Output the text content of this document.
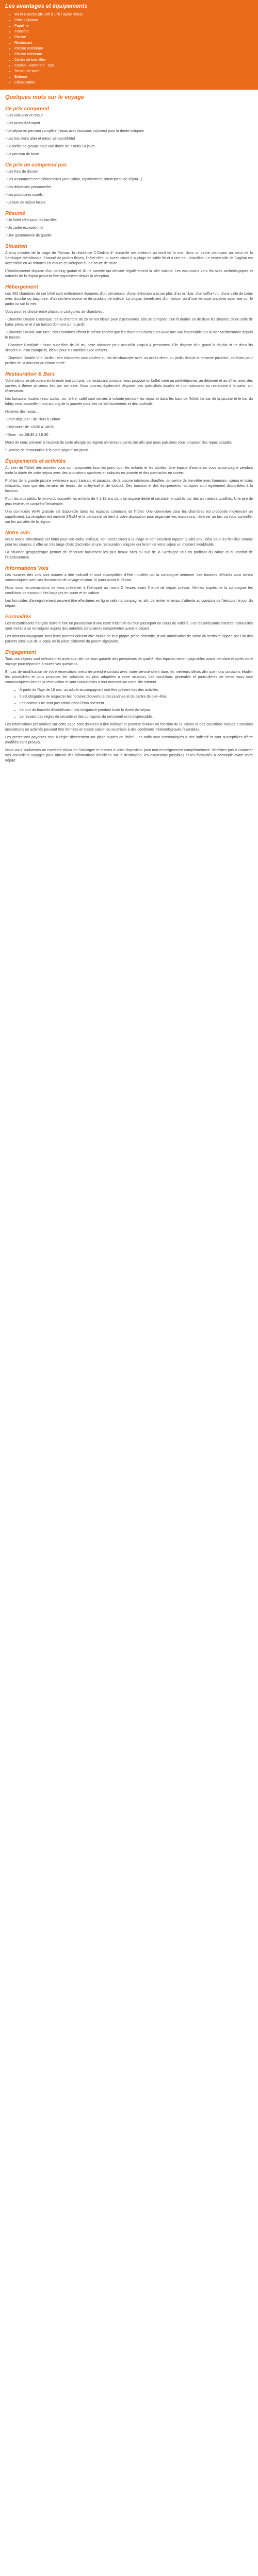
Les avantages et équipements
• Wi-Fi & accès (de 10h à 17h / opéra villes)
• Paille / Quiane
• Papeline
• Transfert
• Piscine
• Restaurant
• Piscine extérieure
• Piscine intérieure
• Centre de bien être
• Casino - Hammam - Spa
• Terrain de sport
• Bateaux
• Climatisation
Quelques mots sur le voyage
Ce prix comprend

- Les vols aller et retour

- Les taxes d'aéroport

- Le séjour en pension complète (repas avec boissons incluses) pour la durée indiquée

- Les transferts aller et retour aéroport/hôtel

- Le forfait de groupe pour une durée de 7 nuits / 8 jours

- Le pension de base

Ce prix ne comprend pas

- Les frais de dossier

- Les assurances complémentaires (annulation, rapatriement, interruption de séjour...)

- Les dépenses personnelles

- Les pourboires usuels

- La taxe de séjour locale

Résumé

- Un hôtel idéal pour les familles

- Un cadre exceptionnel

- Une gastronomie de qualité

Situation

À cinq minutes de la plage de Palmas, la résidence C'Ondina 4* accueille ses visiteurs au bord de la mer, dans un cadre verdoyant au cœur de la Sardaigne méridionale. Entouré de jardins fleuris, l'hôtel offre un accès direct à la plage de sable fin et à une eau cristalline. Le centre-ville de Cagliari est accessible en 45 minutes en voiture et l'aéroport à une heure de route.

L'établissement dispose d'un parking gratuit et d'une navette qui dessert régulièrement la ville voisine. Les excursions vers les sites archéologiques et naturels de la région peuvent être organisées depuis la réception.

Hébergement

Les 402 chambres de cet hôtel sont entièrement équipées d'un climatiseur, d'une télévision à écran plat, d'un minibar, d'un coffre-fort, d'une salle de bains avec douche ou baignoire, d'un sèche-cheveux et de produits de toilette. La plupart bénéficient d'un balcon ou d'une terrasse privative avec vue sur le jardin ou sur la mer.

Vous pourrez choisir entre plusieurs catégories de chambres :

- Chambre Double Classique : cette chambre de 25 m² est idéale pour 2 personnes. Elle se compose d'un lit double ou de deux lits simples, d'une salle de bains privative et d'un balcon donnant sur le jardin.

- Chambre Double Vue Mer : ces chambres offrent le même confort que les chambres classiques avec une vue imprenable sur la mer Méditerranée depuis le balcon.

- Chambre Familiale : d'une superficie de 35 m², cette chambre peut accueillir jusqu'à 4 personnes. Elle dispose d'un grand lit double et de deux lits simples ou d'un canapé-lit, idéale pour les familles avec enfants.

- Chambre Double Vue Jardin : ces chambres sont situées au rez-de-chaussée avec un accès direct au jardin depuis la terrasse privative, parfaites pour profiter de la douceur du climat sarde.

Restauration & Bars

Votre séjour se déroulera en formule tout compris. Le restaurant principal vous propose un buffet varié au petit-déjeuner, au déjeuner et au dîner, avec des soirées à thème plusieurs fois par semaine. Vous pourrez également déguster des spécialités locales et internationales au restaurant à la carte, sur réservation.

Les boissons locales (eau, sodas, vin, bière, café) sont servies à volonté pendant les repas et dans les bars de l'hôtel. Le bar de la piscine et le bar du lobby vous accueillent tout au long de la journée pour des rafraîchissements et des cocktails.

Horaires des repas :

- Petit-déjeuner : de 7h00 à 10h00

- Déjeuner : de 12h30 à 14h30

- Dîner : de 19h30 à 21h30

Merci de nous prévenir à l'avance de toute allergie ou régime alimentaire particulier afin que nous puissions vous proposer des repas adaptés.

* Service de restauration à la carte payant sur place.

Équipements et activités

Au sein de l'hôtel, des activités vous sont proposées tous les jours pour les enfants et les adultes. Une équipe d'animation vous accompagne pendant toute la durée de votre séjour avec des animations sportives et ludiques en journée et des spectacles en soirée.

Profitez de la grande piscine extérieure avec transats et parasols, de la piscine intérieure chauffée, du centre de bien-être avec hammam, sauna et soins relaxants, ainsi que des terrains de tennis, de volley-ball et de football. Des bateaux et des équipements nautiques sont également disponibles à la location.

Pour les plus petits, le mini-club accueille les enfants de 4 à 12 ans dans un espace dédié et sécurisé, encadrés par des animateurs qualifiés. Une aire de jeux extérieure complète l'ensemble.

Une connexion Wi-Fi gratuite est disponible dans les espaces communs de l'hôtel. Une connexion dans les chambres est proposée moyennant un supplément. La réception est ouverte 24h/24 et le personnel se tient à votre disposition pour organiser vos excursions, réserver un taxi ou vous conseiller sur les activités de la région.

Notre avis

Nous avons sélectionné cet hôtel pour son cadre idyllique, son accès direct à la plage et son excellent rapport qualité-prix. Idéal pour les familles comme pour les couples, il offre un très large choix d'activités et une restauration soignée qui feront de votre séjour un moment inoubliable.

La situation géographique permet de découvrir facilement les plus beaux sites du sud de la Sardaigne tout en profitant du calme et du confort de l'établissement.

Informations Vols

Les horaires des vols sont donnés à titre indicatif et sont susceptibles d'être modifiés par la compagnie aérienne. Les horaires définitifs vous seront communiqués avec vos documents de voyage environ 10 jours avant le départ.

Nous vous recommandons de vous présenter à l'aéroport au moins 2 heures avant l'heure de départ prévue. Vérifiez auprès de la compagnie les conditions de transport des bagages en soute et en cabine.

Les formalités d'enregistrement peuvent être effectuées en ligne selon la compagnie, afin de limiter le temps d'attente au comptoir de l'aéroport le jour du départ.

Formalités

Les ressortissants français doivent être en possession d'une carte d'identité ou d'un passeport en cours de validité. Les ressortissants d'autres nationalités sont invités à se renseigner auprès des autorités consulaires compétentes avant le départ.

Les mineurs voyageant sans leurs parents doivent être munis de leur propre pièce d'identité, d'une autorisation de sortie du territoire signée par l'un des parents ainsi que de la copie de la pièce d'identité du parent signataire.

Engagement

Tous nos séjours sont sélectionnés avec soin afin de vous garantir des prestations de qualité. Nos équipes restent joignables avant, pendant et après votre voyage pour répondre à toutes vos questions.

En cas de modification de votre réservation, merci de prendre contact avec notre service client dans les meilleurs délais afin que nous puissions étudier les possibilités et vous proposer les solutions les plus adaptées à votre situation. Les conditions générales et particulières de vente vous sont communiquées lors de la réservation et sont consultables à tout moment sur notre site internet.

• À partir de l'âge de 16 ans, un adulte accompagnant doit être présent lors des activités.
• Il est obligatoire de respecter les horaires d'ouverture des piscines et du centre de bien-être.
• Les animaux ne sont pas admis dans l'établissement.
• Le port du bracelet d'identification est obligatoire pendant toute la durée du séjour.
• Le respect des règles de sécurité et des consignes du personnel est indispensable.

Les informations présentées sur cette page sont données à titre indicatif et peuvent évoluer en fonction de la saison et des conditions locales. Certaines installations ou activités peuvent être fermées en basse saison ou soumises à des conditions météorologiques favorables.

Les prestations payantes sont à régler directement sur place auprès de l'hôtel. Les tarifs sont communiqués à titre indicatif et sont susceptibles d'être modifiés sans préavis.

Nous vous souhaitons un excellent séjour en Sardaigne et restons à votre disposition pour tout renseignement complémentaire. N'hésitez pas à contacter nos conseillers voyages pour obtenir des informations détaillées sur la destination, les excursions possibles et les formalités à accomplir avant votre départ.
